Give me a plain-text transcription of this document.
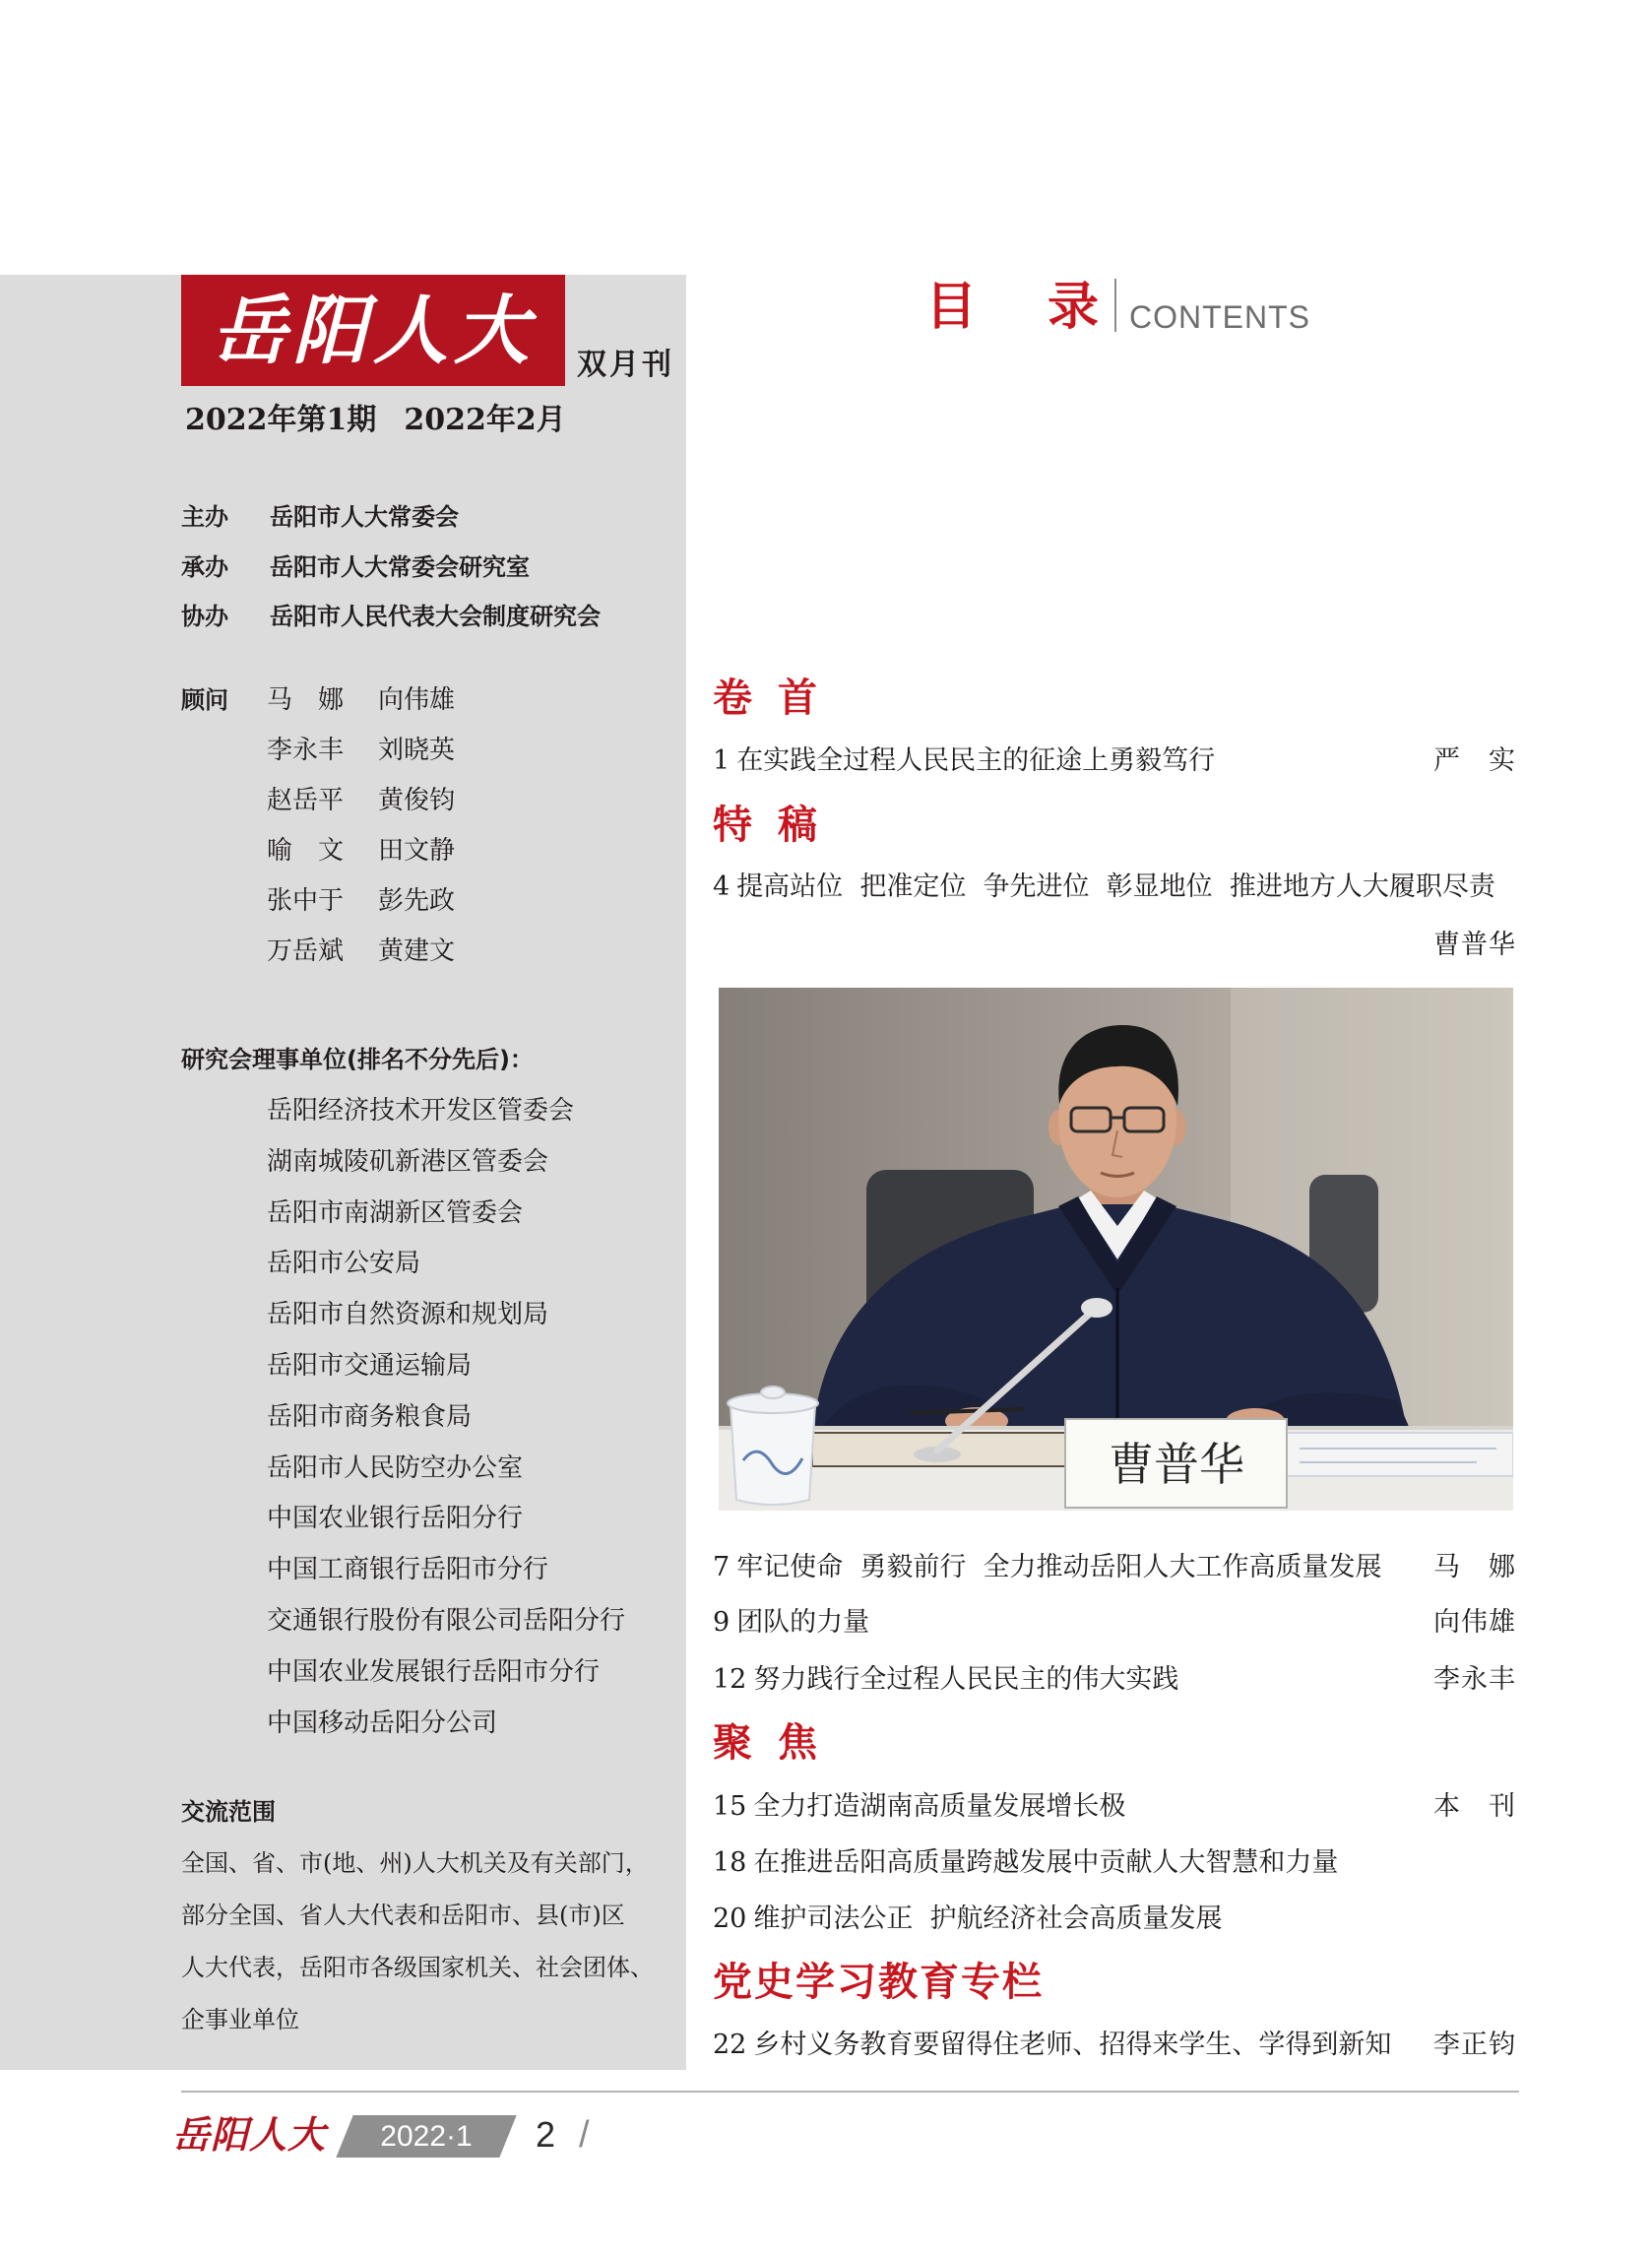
岳阳人大 双月刊
2022年第1期 2022年2月
主办 岳阳市人大常委会
承办 岳阳市人大常委会研究室
协办 岳阳市人民代表大会制度研究会
顾问 马　娜 向伟雄
李永丰 刘晓英
赵岳平 黄俊钧
喻　文 田文静
张中于 彭先政
万岳斌 黄建文
研究会理事单位(排名不分先后)：
岳阳经济技术开发区管委会
湖南城陵矶新港区管委会
岳阳市南湖新区管委会
岳阳市公安局
岳阳市自然资源和规划局
岳阳市交通运输局
岳阳市商务粮食局
岳阳市人民防空办公室
中国农业银行岳阳分行
中国工商银行岳阳市分行
交通银行股份有限公司岳阳分行
中国农业发展银行岳阳市分行
中国移动岳阳分公司
交流范围
全国、省、市(地、州)人大机关及有关部门，
部分全国、省人大代表和岳阳市、县(市)区
人大代表，岳阳市各级国家机关、社会团体、
企事业单位
目　录 CONTENTS
卷　首
1 在实践全过程人民民主的征途上勇毅笃行	严　实
特　稿
4 提高站位  把准定位  争先进位  彰显地位  推进地方人大履职尽责
曹普华
曹普华
7 牢记使命  勇毅前行  全力推动岳阳人大工作高质量发展 马　娜
9 团队的力量	向伟雄
12 努力践行全过程人民民主的伟大实践	李永丰
聚　焦
15 全力打造湖南高质量发展增长极	本　刊
18 在推进岳阳高质量跨越发展中贡献人大智慧和力量
20 维护司法公正  护航经济社会高质量发展
党史学习教育专栏
22 乡村义务教育要留得住老师、招得来学生、学得到新知 李正钧
岳阳人大	2022·1	2 /
